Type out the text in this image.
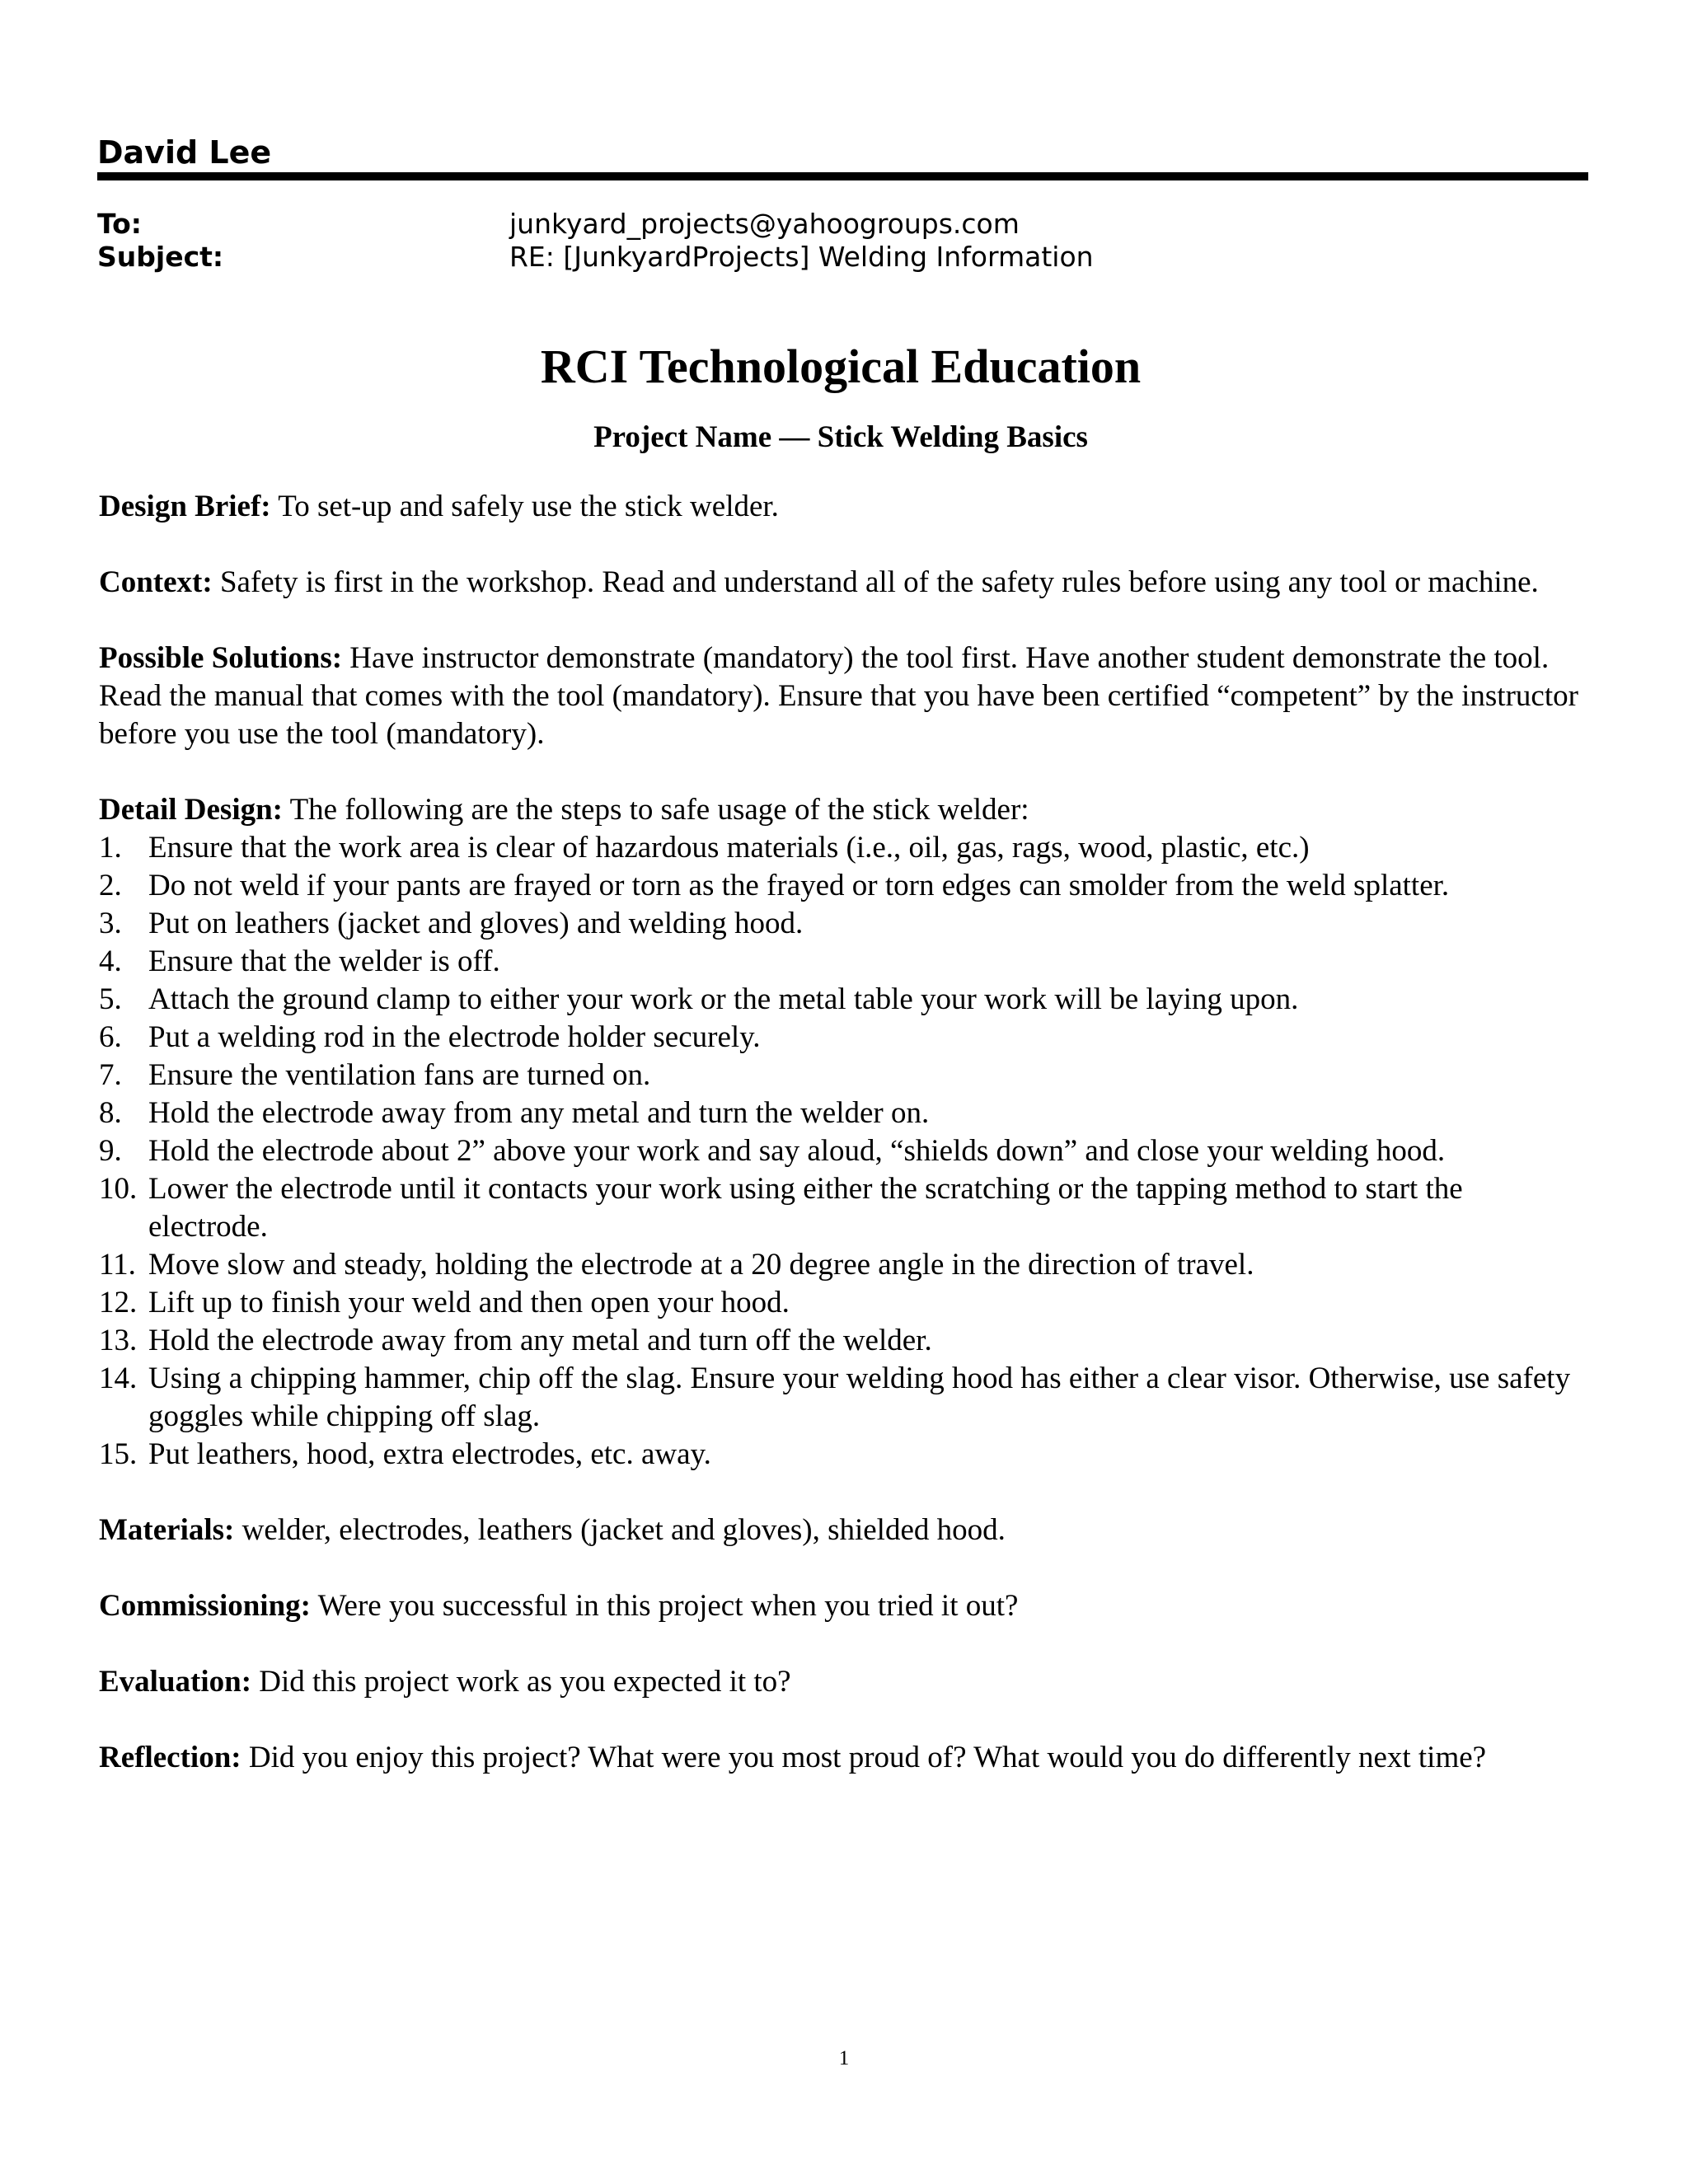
David Lee
To:	junkyard_projects@yahoogroups.com
Subject:	RE: [JunkyardProjects] Welding Information
RCI Technological Education
Project Name — Stick Welding Basics

Design Brief: To set-up and safely use the stick welder.

Context: Safety is first in the workshop. Read and understand all of the safety rules before using any tool or machine.

Possible Solutions: Have instructor demonstrate (mandatory) the tool first. Have another student demonstrate the tool. Read the manual that comes with the tool (mandatory). Ensure that you have been certified “competent” by the instructor before you use the tool (mandatory).

Detail Design: The following are the steps to safe usage of the stick welder:
1. Ensure that the work area is clear of hazardous materials (i.e., oil, gas, rags, wood, plastic, etc.)
2. Do not weld if your pants are frayed or torn as the frayed or torn edges can smolder from the weld splatter.
3. Put on leathers (jacket and gloves) and welding hood.
4. Ensure that the welder is off.
5. Attach the ground clamp to either your work or the metal table your work will be laying upon.
6. Put a welding rod in the electrode holder securely.
7. Ensure the ventilation fans are turned on.
8. Hold the electrode away from any metal and turn the welder on.
9. Hold the electrode about 2” above your work and say aloud, “shields down” and close your welding hood.
10. Lower the electrode until it contacts your work using either the scratching or the tapping method to start the electrode.
11. Move slow and steady, holding the electrode at a 20 degree angle in the direction of travel.
12. Lift up to finish your weld and then open your hood.
13. Hold the electrode away from any metal and turn off the welder.
14. Using a chipping hammer, chip off the slag. Ensure your welding hood has either a clear visor. Otherwise, use safety goggles while chipping off slag.
15. Put leathers, hood, extra electrodes, etc. away.

Materials: welder, electrodes, leathers (jacket and gloves), shielded hood.

Commissioning: Were you successful in this project when you tried it out?

Evaluation: Did this project work as you expected it to?

Reflection: Did you enjoy this project? What were you most proud of? What would you do differently next time?

1
